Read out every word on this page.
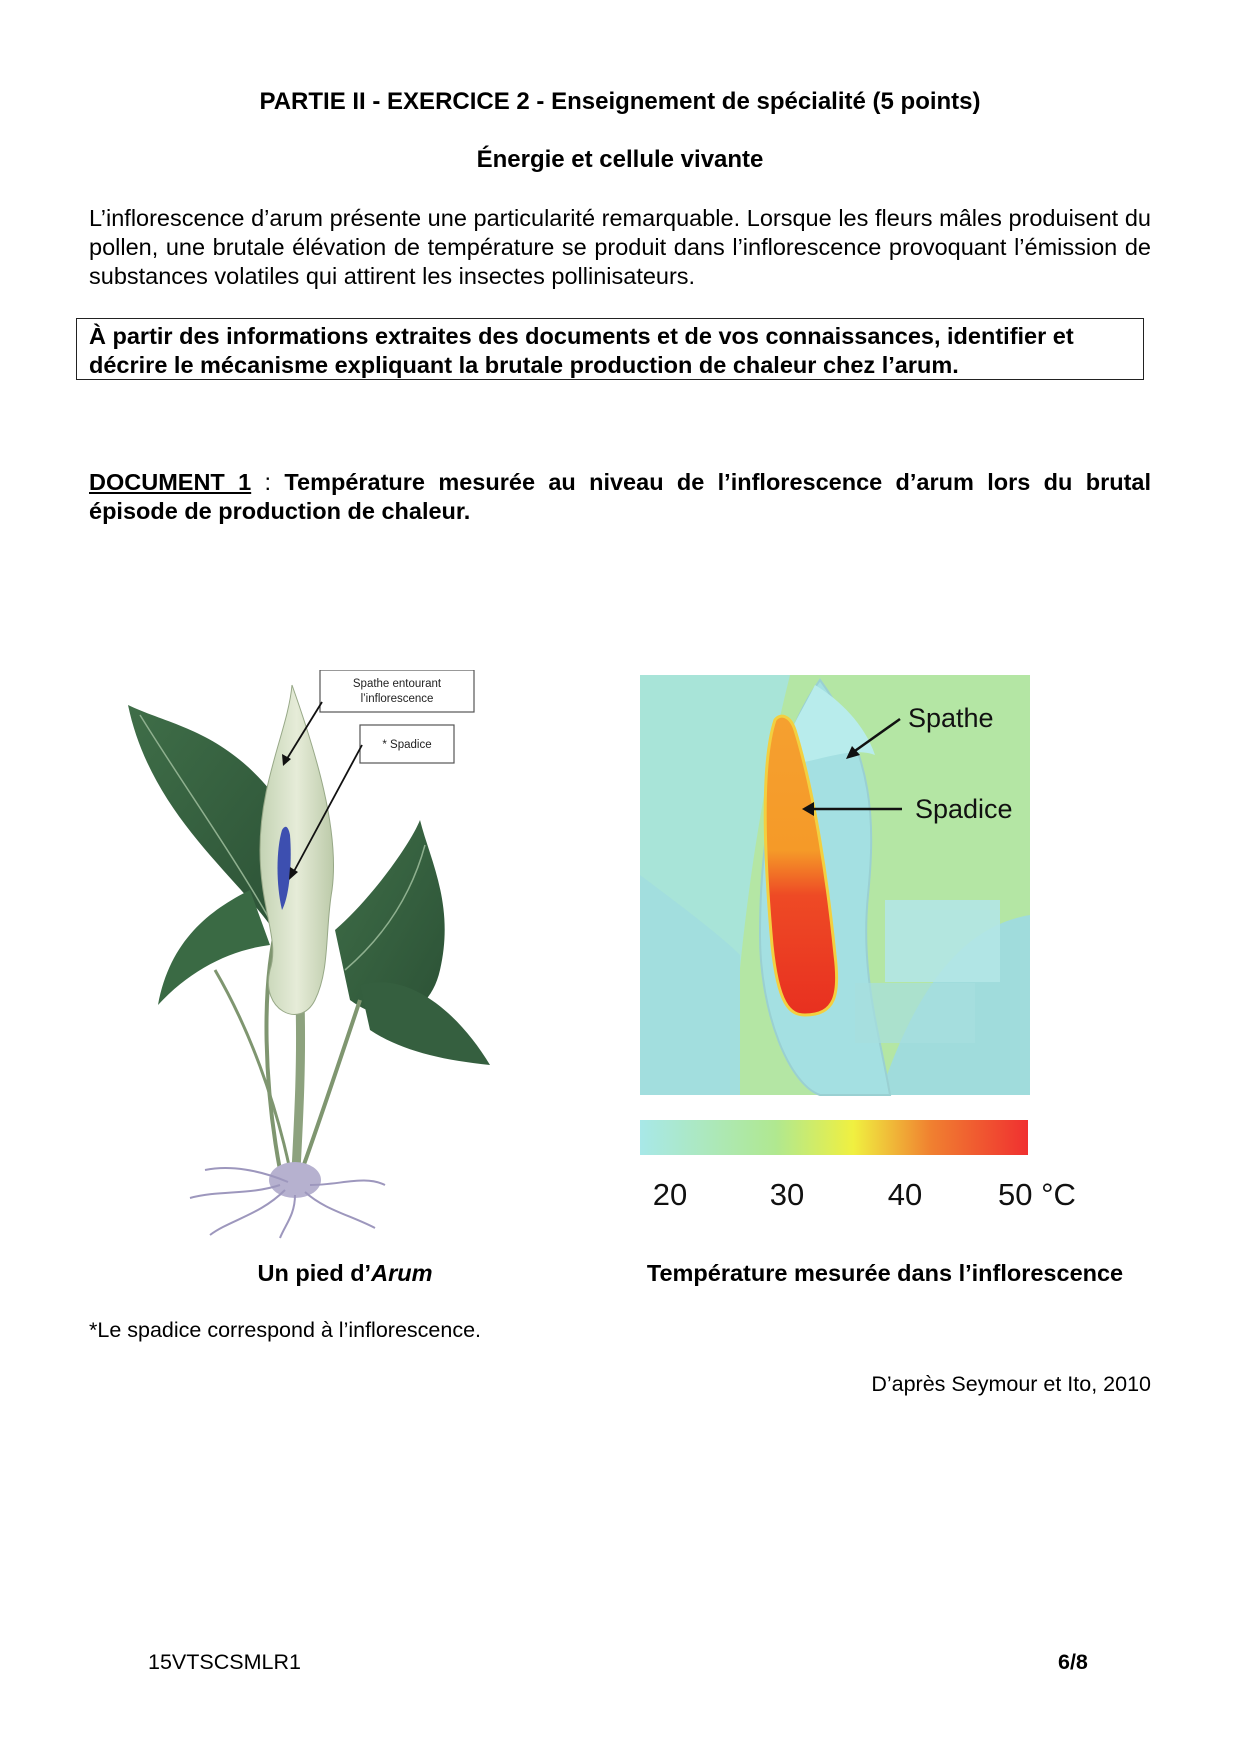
PARTIE II - EXERCICE 2 - Enseignement de spécialité (5 points)
Énergie et cellule vivante
L’inflorescence d’arum présente une particularité remarquable. Lorsque les fleurs mâles produisent du pollen, une brutale élévation de température se produit dans l’inflorescence provoquant l’émission de substances volatiles qui attirent les insectes pollinisateurs.
À partir des informations extraites des documents et de vos connaissances, identifier et décrire le mécanisme expliquant la brutale production de chaleur chez l’arum.
DOCUMENT 1 : Température mesurée au niveau de l’inflorescence d’arum lors du brutal épisode de production de chaleur.
Spathe entourant
l’inflorescence
* Spadice
Spathe
Spadice
20	30	40 50 °C
Un pied d’Arum	Température mesurée dans l’inflorescence
*Le spadice correspond à l’inflorescence.
D’après Seymour et Ito, 2010
15VTSCSMLR1	6/8
